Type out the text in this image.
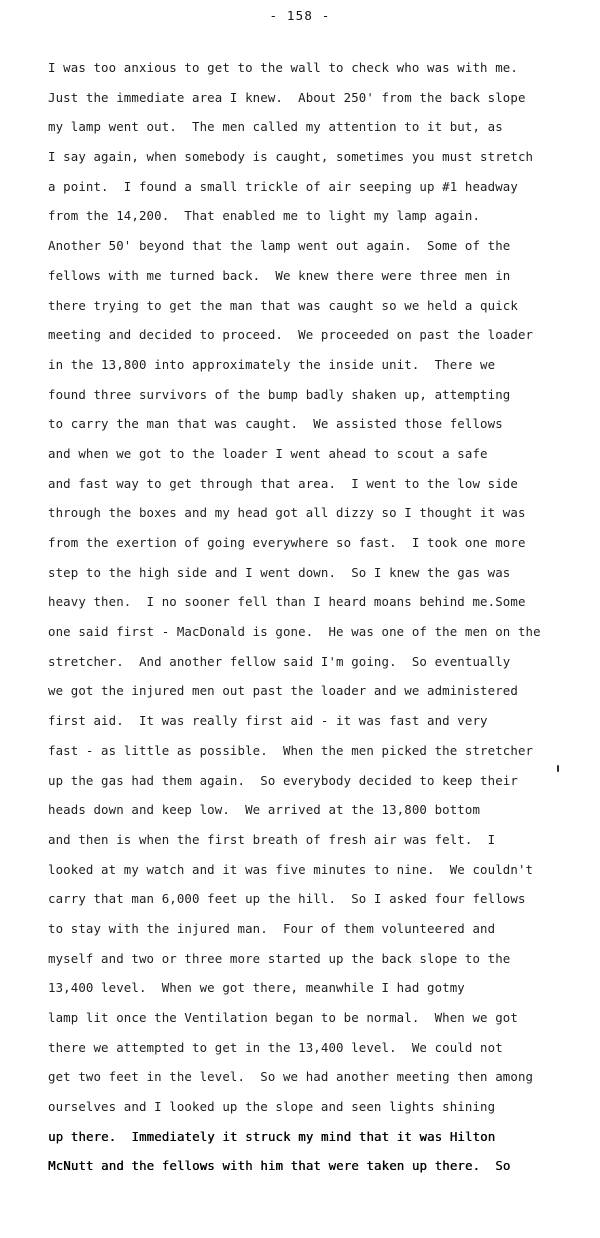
- 158 -
I was too anxious to get to the wall to check who was with me.
Just the immediate area I knew.  About 250' from the back slope
my lamp went out.  The men called my attention to it but, as
I say again, when somebody is caught, sometimes you must stretch
a point.  I found a small trickle of air seeping up #1 headway
from the 14,200.  That enabled me to light my lamp again.
Another 50' beyond that the lamp went out again.  Some of the
fellows with me turned back.  We knew there were three men in
there trying to get the man that was caught so we held a quick
meeting and decided to proceed.  We proceeded on past the loader
in the 13,800 into approximately the inside unit.  There we
found three survivors of the bump badly shaken up, attempting
to carry the man that was caught.  We assisted those fellows
and when we got to the loader I went ahead to scout a safe
and fast way to get through that area.  I went to the low side
through the boxes and my head got all dizzy so I thought it was
from the exertion of going everywhere so fast.  I took one more
step to the high side and I went down.  So I knew the gas was
heavy then.  I no sooner fell than I heard moans behind me.Some
one said first - MacDonald is gone.  He was one of the men on the
stretcher.  And another fellow said I'm going.  So eventually
we got the injured men out past the loader and we administered
first aid.  It was really first aid - it was fast and very
fast - as little as possible.  When the men picked the stretcher
up the gas had them again.  So everybody decided to keep their
heads down and keep low.  We arrived at the 13,800 bottom
and then is when the first breath of fresh air was felt.  I
looked at my watch and it was five minutes to nine.  We couldn't
carry that man 6,000 feet up the hill.  So I asked four fellows
to stay with the injured man.  Four of them volunteered and
myself and two or three more started up the back slope to the
13,400 level.  When we got there, meanwhile I had gotmy
lamp lit once the Ventilation began to be normal.  When we got
there we attempted to get in the 13,400 level.  We could not
get two feet in the level.  So we had another meeting then among
ourselves and I looked up the slope and seen lights shining
up there.  Immediately it struck my mind that it was Hilton
McNutt and the fellows with him that were taken up there.  So
